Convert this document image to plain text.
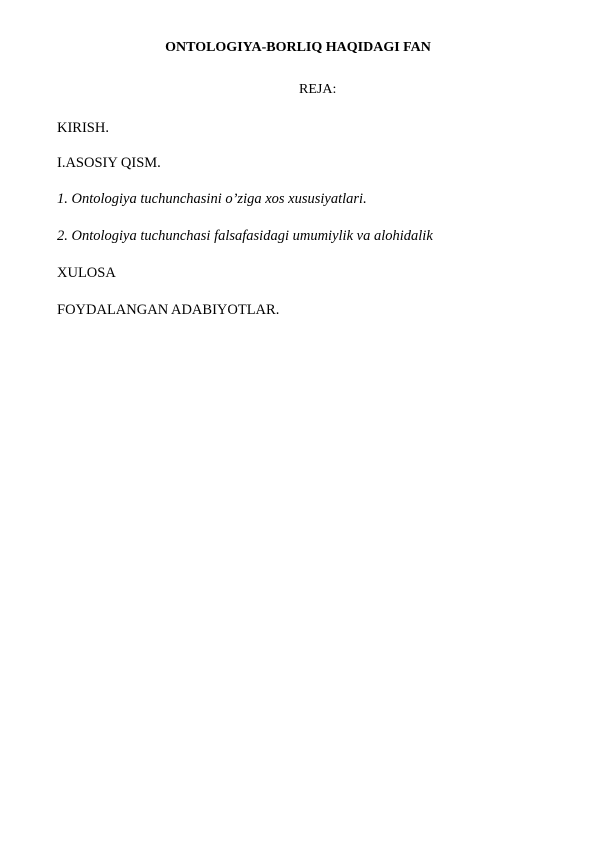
ONTOLOGIYA-BORLIQ HAQIDAGI FAN
REJA:
KIRISH.
I.ASOSIY QISM.
1. Ontologiya tuchunchasini o’ziga xos xususiyatlari.
2. Ontologiya tuchunchasi falsafasidagi umumiylik va alohidalik
XULOSA
FOYDALANGAN ADABIYOTLAR.
